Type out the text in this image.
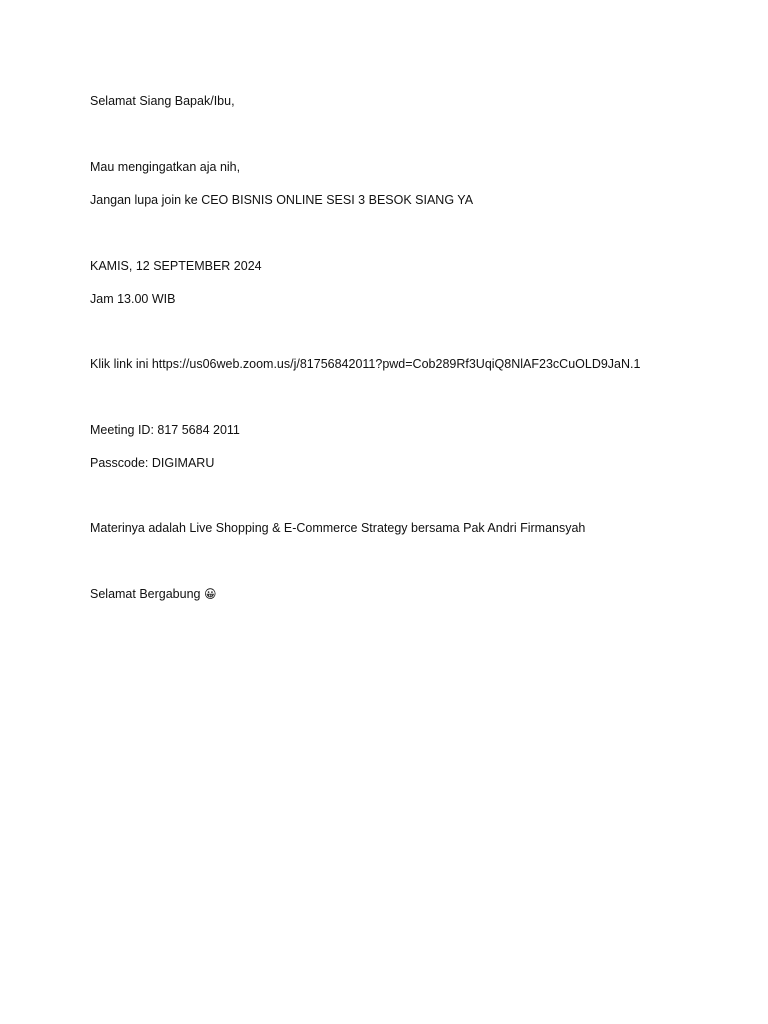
Selamat Siang Bapak/Ibu,
Mau mengingatkan aja nih,
Jangan lupa join ke CEO BISNIS ONLINE SESI 3 BESOK SIANG YA
KAMIS, 12 SEPTEMBER 2024
Jam 13.00 WIB
Klik link ini https://us06web.zoom.us/j/81756842011?pwd=Cob289Rf3UqiQ8NlAF23cCuOLD9JaN.1
Meeting ID: 817 5684 2011
Passcode: DIGIMARU
Materinya adalah Live Shopping & E-Commerce Strategy bersama Pak Andri Firmansyah
Selamat Bergabung 😀
